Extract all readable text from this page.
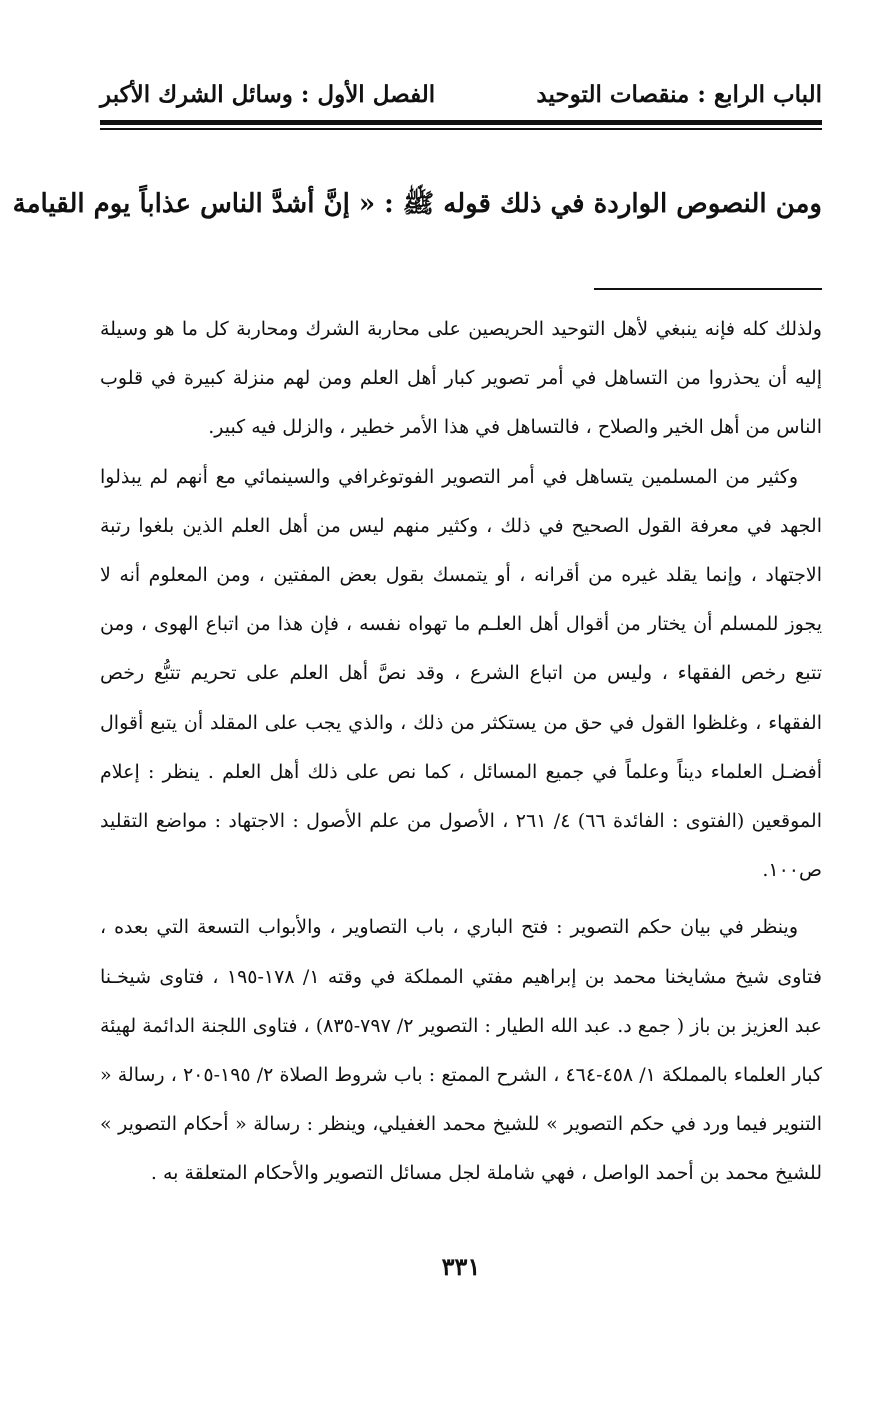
الباب الرابع : منقصات التوحيد
الفصل الأول : وسائل الشرك الأكبر
ومن النصوص الواردة في ذلك قوله ﷺ : « إنَّ أشدَّ الناس عذاباً يوم القيامة

ولذلك كله فإنه ينبغي لأهل التوحيد الحريصين على محاربة الشرك ومحاربة كل ما هو وسيلة إليه أن يحذروا من التساهل في أمر تصوير كبار أهل العلم ومن لهم منزلة كبيرة في قلوب الناس من أهل الخير والصلاح ، فالتساهل في هذا الأمر خطير ، والزلل فيه كبير.

وكثير من المسلمين يتساهل في أمر التصوير الفوتوغرافي والسينمائي مع أنهم لم يبذلوا الجهد في معرفة القول الصحيح في ذلك ، وكثير منهم ليس من أهل العلم الذين بلغوا رتبة الاجتهاد ، وإنما يقلد غيره من أقرانه ، أو يتمسك بقول بعض المفتين ، ومن المعلوم أنه لا يجوز للمسلم أن يختار من أقوال أهل العلـم ما تهواه نفسه ، فإن هذا من اتباع الهوى ، ومن تتبع رخص الفقهاء ، وليس من اتباع الشرع ، وقد نصَّ أهل العلم على تحريم تتبُّع رخص الفقهاء ، وغلظوا القول في حق من يستكثر من ذلك ، والذي يجب على المقلد أن يتبع أقوال أفضـل العلماء ديناً وعلماً في جميع المسائل ، كما نص على ذلك أهل العلم . ينظر : إعلام الموقعين (الفتوى : الفائدة ٦٦) ٤/ ٢٦١ ، الأصول من علم الأصول : الاجتهاد : مواضع التقليد ص١٠٠.

وينظر في بيان حكم التصوير : فتح الباري ، باب التصاوير ، والأبواب التسعة التي بعده ، فتاوى شيخ مشايخنا محمد بن إبراهيم مفتي المملكة في وقته ١/ ١٧٨-١٩٥ ، فتاوى شيخـنا عبد العزيز بن باز ( جمع د. عبد الله الطيار : التصوير ٢/ ٧٩٧-٨٣٥) ، فتاوى اللجنة الدائمة لهيئة كبار العلماء بالمملكة ١/ ٤٥٨-٤٦٤ ، الشرح الممتع : باب شروط الصلاة ٢/ ١٩٥-٢٠٥ ، رسالة « التنوير فيما ورد في حكم التصوير » للشيخ محمد الغفيلي، وينظر : رسالة « أحكام التصوير » للشيخ محمد بن أحمد الواصل ، فهي شاملة لجل مسائل التصوير والأحكام المتعلقة به .

٣٣١
